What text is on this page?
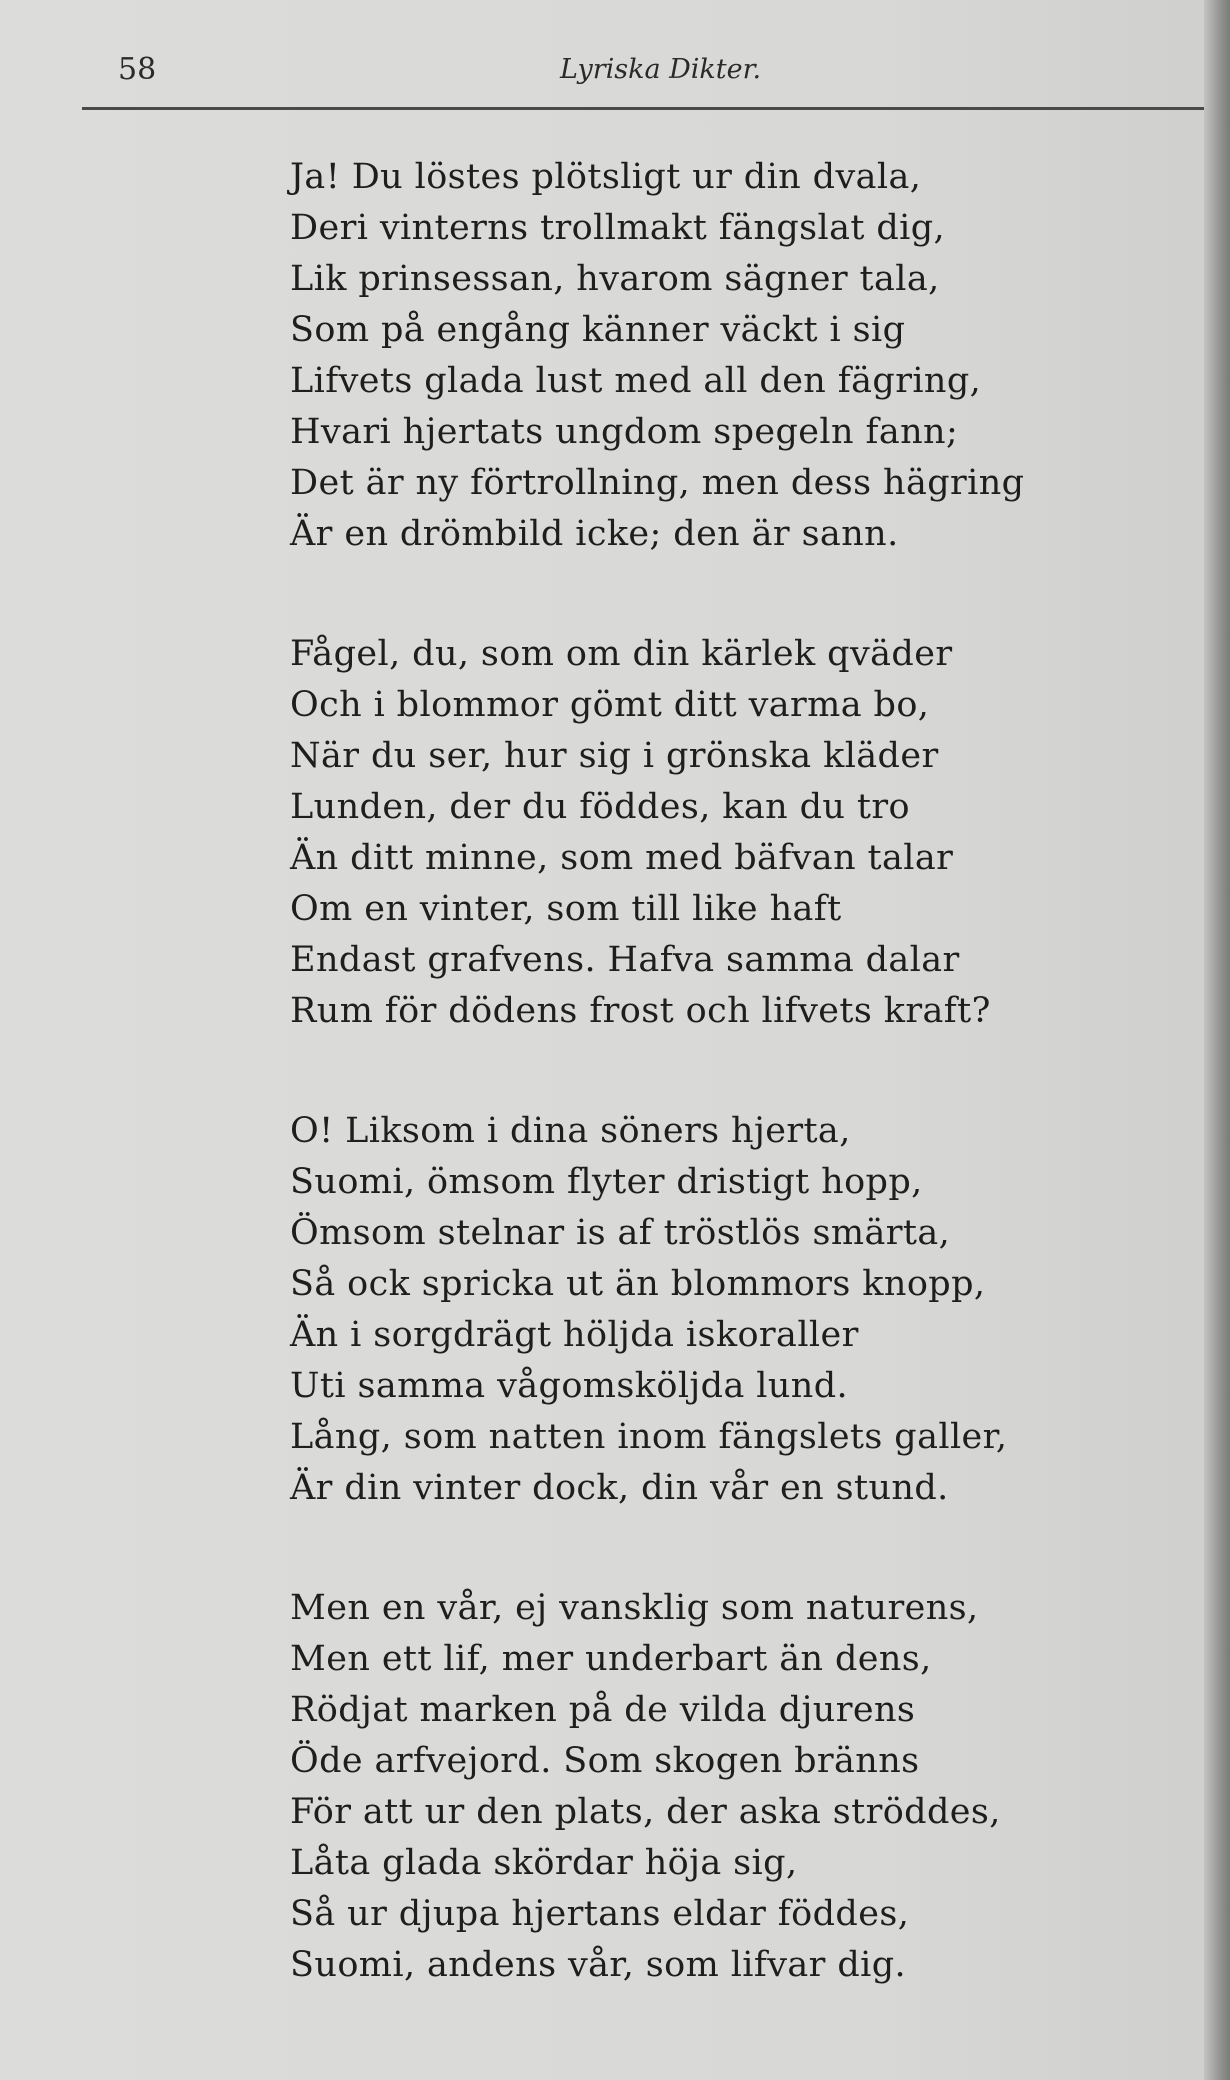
58	Lyriska Dikter.
Ja! Du löstes plötsligt ur din dvala,
Deri vinterns trollmakt fängslat dig,
Lik prinsessan, hvarom sägner tala,
Som på engång känner väckt i sig
Lifvets glada lust med all den fägring,
Hvari hjertats ungdom spegeln fann;
Det är ny förtrollning, men dess hägring
Är en drömbild icke; den är sann.
Fågel, du, som om din kärlek qväder
Och i blommor gömt ditt varma bo,
När du ser, hur sig i grönska kläder
Lunden, der du föddes, kan du tro
Än ditt minne, som med bäfvan talar
Om en vinter, som till like haft
Endast grafvens. Hafva samma dalar
Rum för dödens frost och lifvets kraft?
O! Liksom i dina söners hjerta,
Suomi, ömsom flyter dristigt hopp,
Ömsom stelnar is af tröstlös smärta,
Så ock spricka ut än blommors knopp,
Än i sorgdrägt höljda iskoraller
Uti samma vågomsköljda lund.
Lång, som natten inom fängslets galler,
Är din vinter dock, din vår en stund.
Men en vår, ej vansklig som naturens,
Men ett lif, mer underbart än dens,
Rödjat marken på de vilda djurens
Öde arfvejord. Som skogen bränns
För att ur den plats, der aska ströddes,
Låta glada skördar höja sig,
Så ur djupa hjertans eldar föddes,
Suomi, andens vår, som lifvar dig.
